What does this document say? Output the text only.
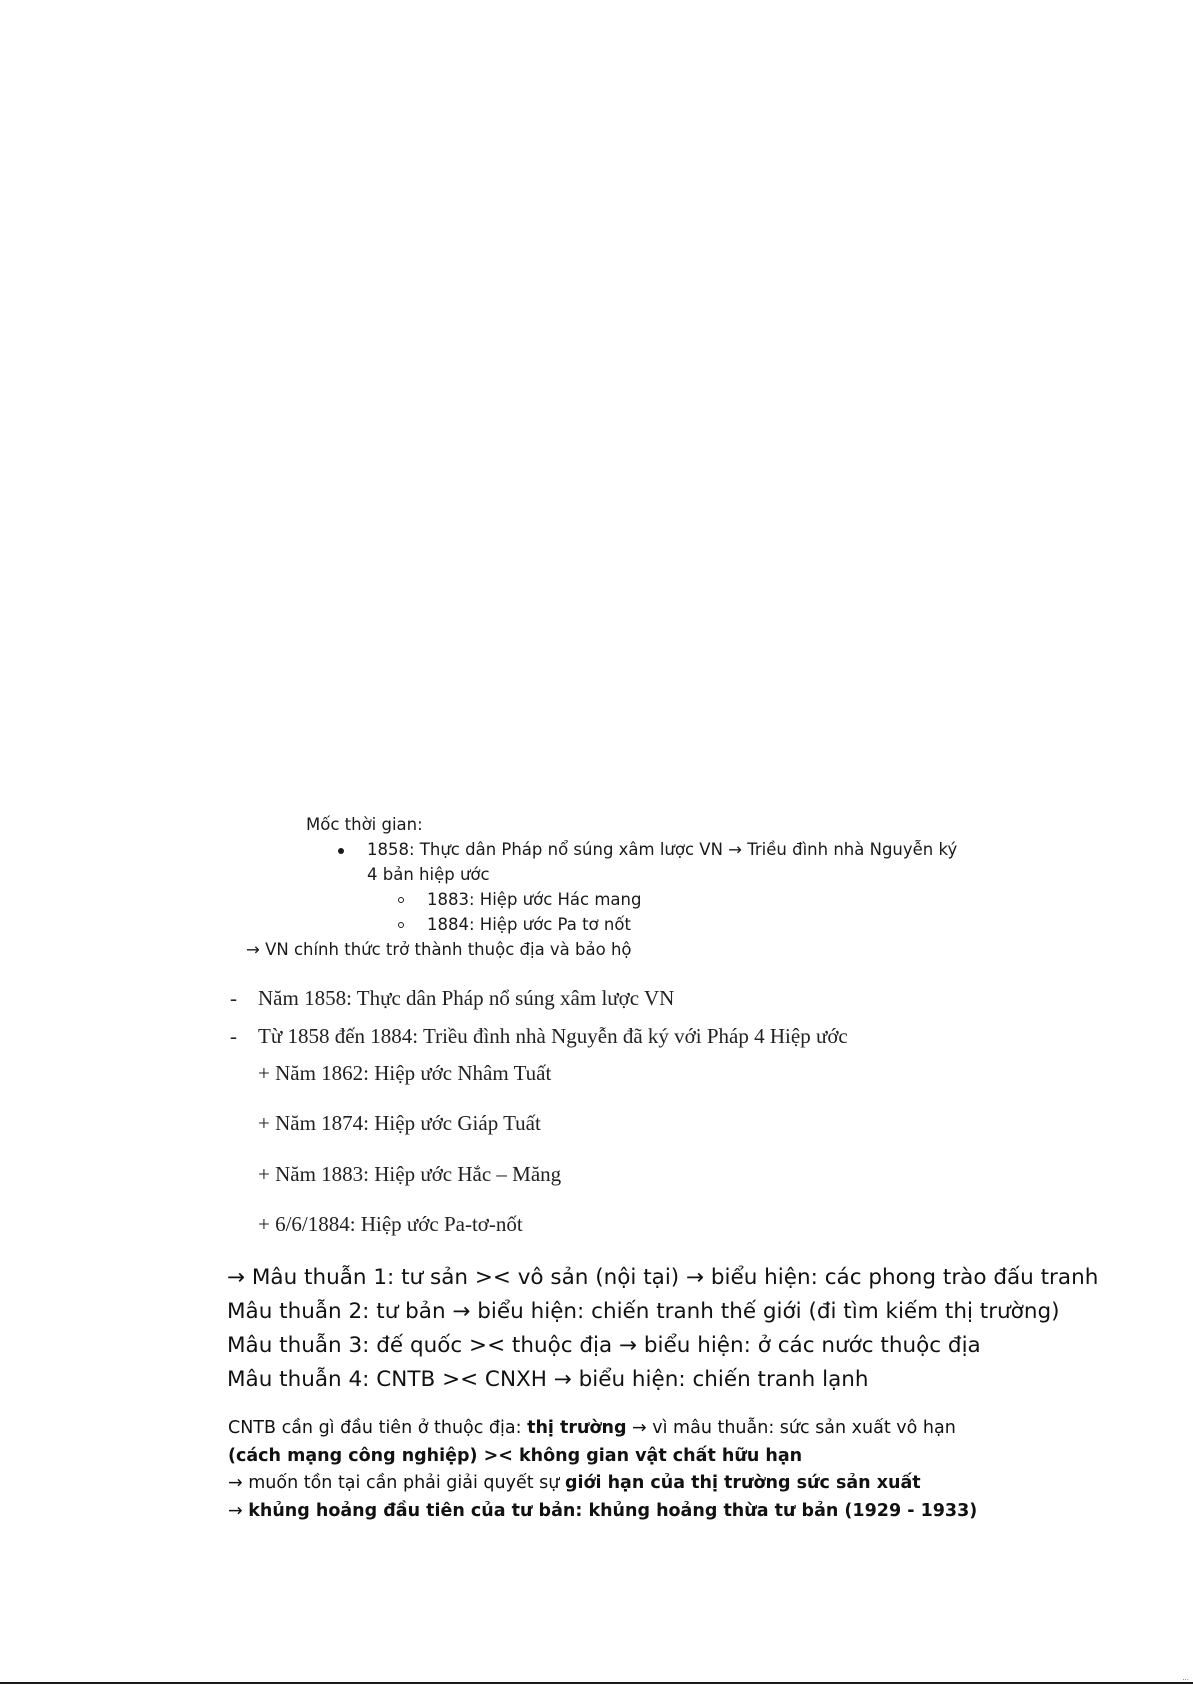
Mốc thời gian:
1858: Thực dân Pháp nổ súng xâm lược VN → Triều đình nhà Nguyễn ký
4 bản hiệp ước
1883: Hiệp ước Hác mang
1884: Hiệp ước Pa tơ nốt
→ VN chính thức trở thành thuộc địa và bảo hộ
- Năm 1858: Thực dân Pháp nổ súng xâm lược VN
- Từ 1858 đến 1884: Triều đình nhà Nguyễn đã ký với Pháp 4 Hiệp ước
+ Năm 1862: Hiệp ước Nhâm Tuất
+ Năm 1874: Hiệp ước Giáp Tuất
+ Năm 1883: Hiệp ước Hắc – Măng
+ 6/6/1884: Hiệp ước Pa-tơ-nốt
→ Mâu thuẫn 1: tư sản >< vô sản (nội tại) → biểu hiện: các phong trào đấu tranh
Mâu thuẫn 2: tư bản → biểu hiện: chiến tranh thế giới (đi tìm kiếm thị trường)
Mâu thuẫn 3: đế quốc >< thuộc địa → biểu hiện: ở các nước thuộc địa
Mâu thuẫn 4: CNTB >< CNXH → biểu hiện: chiến tranh lạnh
CNTB cần gì đầu tiên ở thuộc địa: thị trường → vì mâu thuẫn: sức sản xuất vô hạn
(cách mạng công nghiệp) >< không gian vật chất hữu hạn
→ muốn tồn tại cần phải giải quyết sự giới hạn của thị trường sức sản xuất
→ khủng hoảng đầu tiên của tư bản: khủng hoảng thừa tư bản (1929 - 1933)
...
